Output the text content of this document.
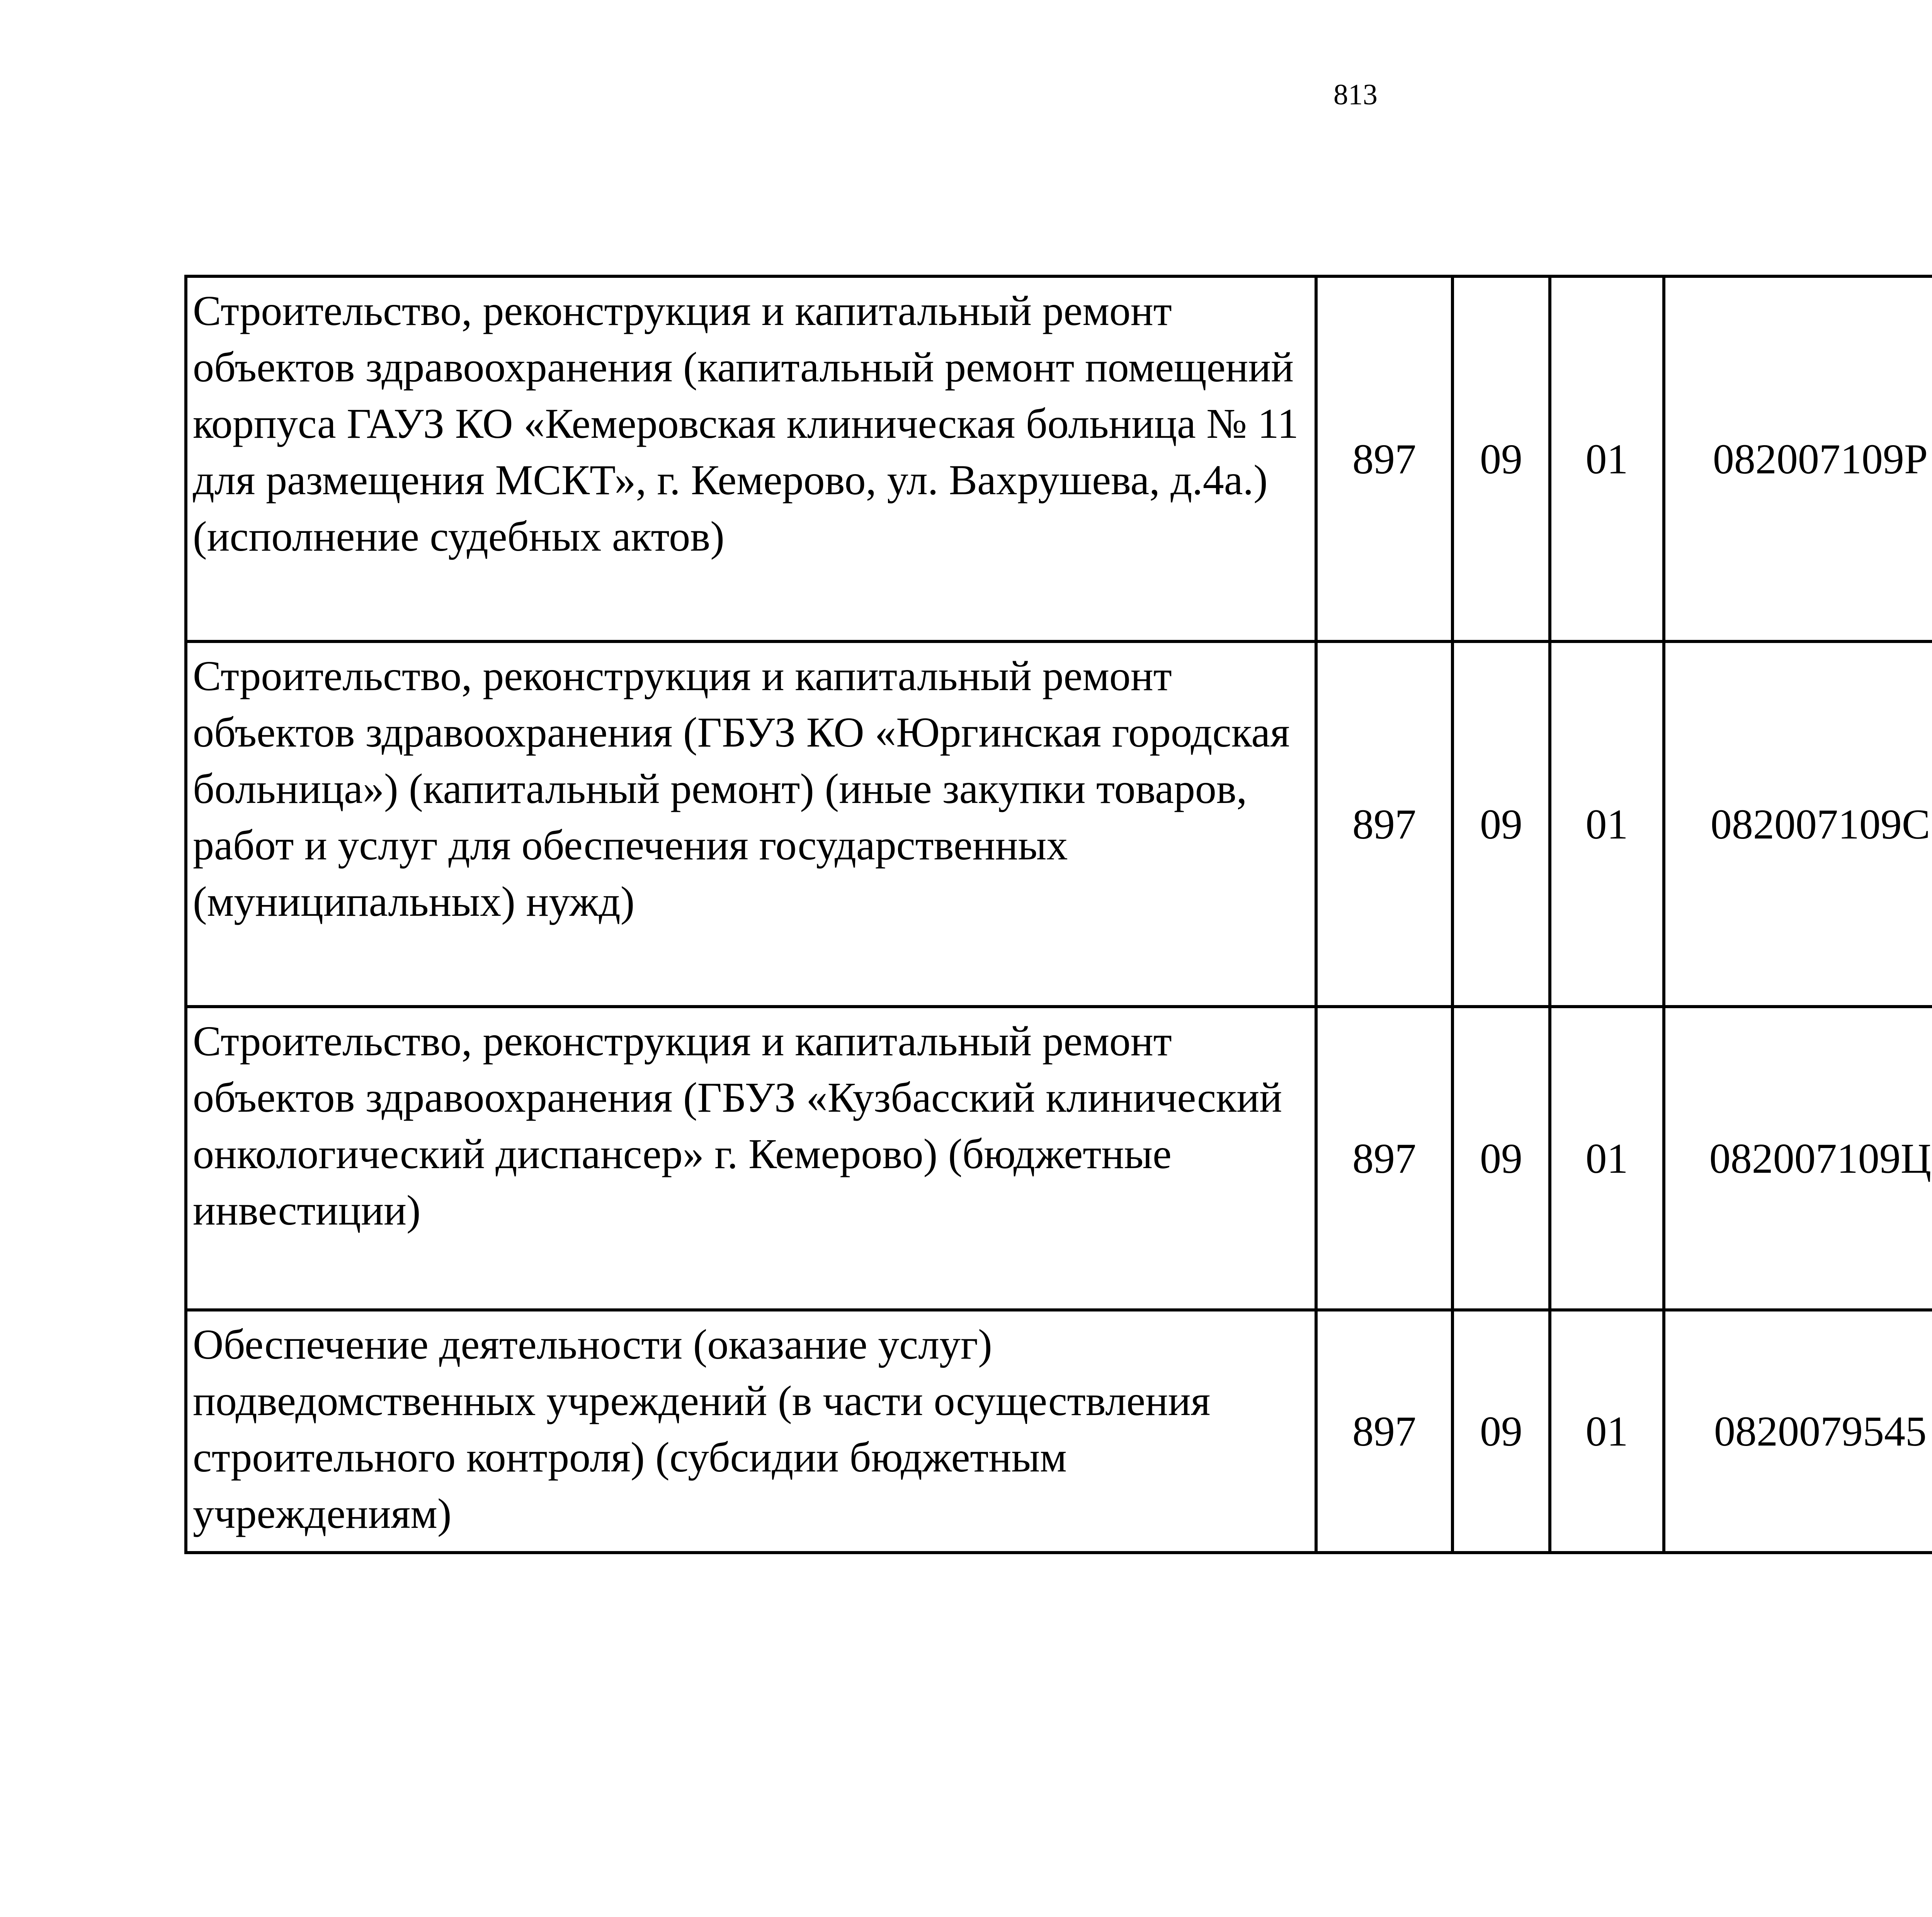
813
Строительство, реконструкция и капитальный ремонт объектов здравоохранения (капитальный ремонт помещений корпуса ГАУЗ КО «Кемеровская клиническая больница № 11 для размещения МСКТ», г. Кемерово, ул. Вахрушева, д.4а.) (исполнение судебных актов)	897	09	01	082007109Р		
Строительство, реконструкция и капитальный ремонт объектов здравоохранения (ГБУЗ КО «Юргинская городская больница») (капитальный ремонт) (иные закупки товаров, работ и услуг для обеспечения государственных (муниципальных) нужд)	897	09	01	082007109С		
Строительство, реконструкция и капитальный ремонт объектов здравоохранения (ГБУЗ «Кузбасский клинический онкологический диспансер» г. Кемерово) (бюджетные инвестиции)	897	09	01	082007109Ц		
Обеспечение деятельности (оказание услуг) подведомственных учреждений (в части осуществления строительного контроля) (субсидии бюджетным учреждениям)	897	09	01	0820079545		
